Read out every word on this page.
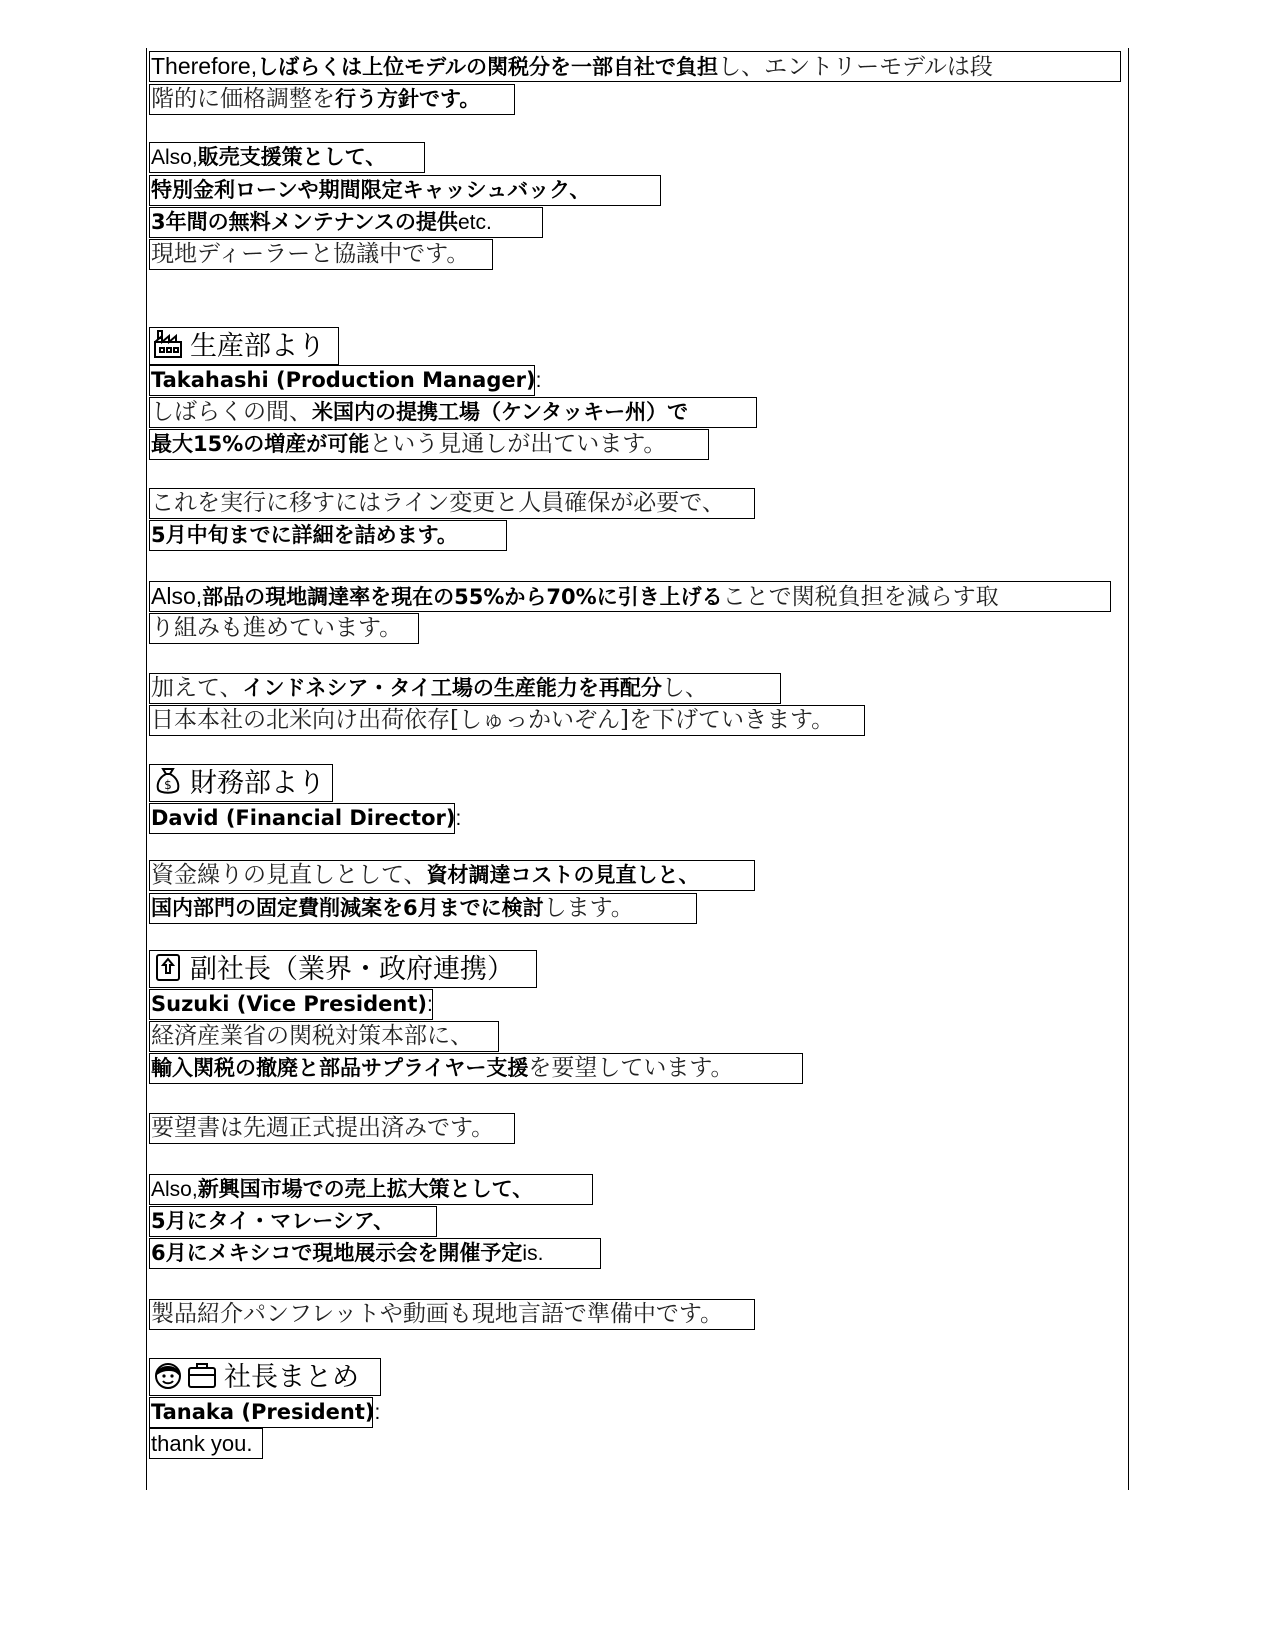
Therefore,しばらくは上位モデルの関税分を一部自社で負担し、エントリーモデルは段
階的に価格調整を行う方針です。
Also,販売支援策として、
特別金利ローンや期間限定キャッシュバック、
3年間の無料メンテナンスの提供etc.
現地ディーラーと協議中です。
生産部より
Takahashi (Production Manager):
しばらくの間、米国内の提携工場（ケンタッキー州）で
最大15%の増産が可能という見通しが出ています。
これを実行に移すにはライン変更と人員確保が必要で、
5月中旬までに詳細を詰めます。
Also,部品の現地調達率を現在の55%から70%に引き上げることで関税負担を減らす取
り組みも進めています。
加えて、インドネシア・タイ工場の生産能力を再配分し、
日本本社の北米向け出荷依存[しゅっかいぞん]を下げていきます。
$ 財務部より
David (Financial Director):
資金繰りの見直しとして、資材調達コストの見直しと、
国内部門の固定費削減案を6月までに検討します。
副社長（業界・政府連携）
Suzuki (Vice President):
経済産業省の関税対策本部に、
輸入関税の撤廃と部品サプライヤー支援を要望しています。
要望書は先週正式提出済みです。
Also,新興国市場での売上拡大策として、
5月にタイ・マレーシア、
6月にメキシコで現地展示会を開催予定is.
製品紹介パンフレットや動画も現地言語で準備中です。
社長まとめ
Tanaka (President):
thank you.
